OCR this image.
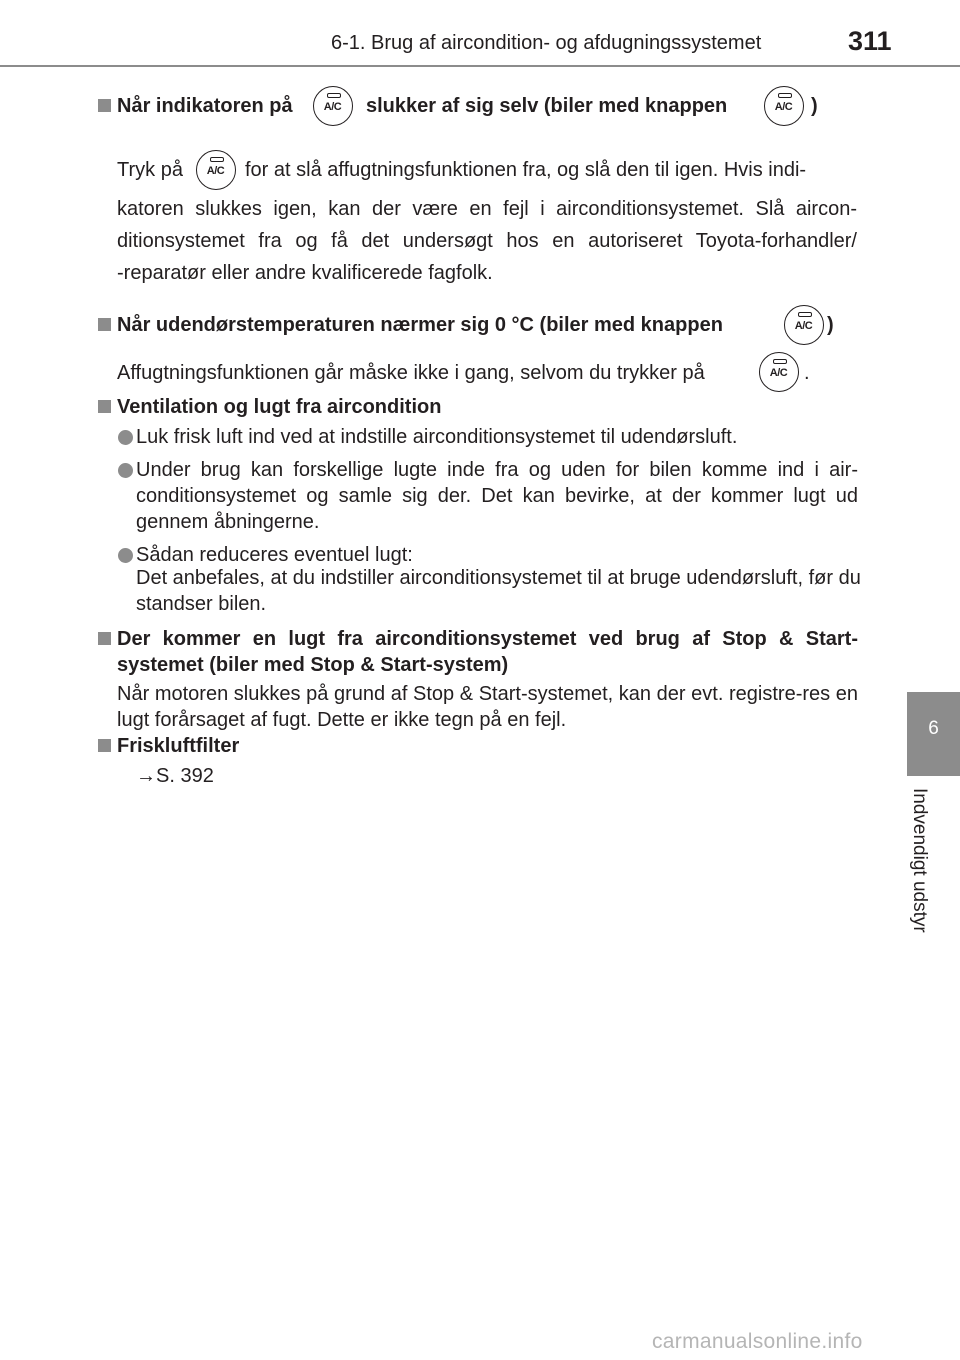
6-1. Brug af aircondition- og afdugningssystemet	311
6
Indvendigt udstyr
Når indikatoren på	A/C	slukker af sig selv (biler med knappen	A/C )
Tryk på	A/C	for at slå affugtningsfunktionen fra, og slå den til igen. Hvis indi-
katoren slukkes igen, kan der være en fejl i airconditionsystemet. Slå aircon-
ditionsystemet fra og få det undersøgt hos en autoriseret Toyota-forhandler/
-reparatør eller andre kvalificerede fagfolk.
Når udendørstemperaturen nærmer sig 0 °C (biler med knappen	A/C )
Affugtningsfunktionen går måske ikke i gang, selvom du trykker på	A/C .
Ventilation og lugt fra aircondition
Luk frisk luft ind ved at indstille airconditionsystemet til udendørsluft.
Under brug kan forskellige lugte inde fra og uden for bilen komme ind i air-conditionsystemet og samle sig der. Det kan bevirke, at der kommer lugt ud gennem åbningerne.
Sådan reduceres eventuel lugt:
Det anbefales, at du indstiller airconditionsystemet til at bruge udendørsluft, før du standser bilen.
Der kommer en lugt fra airconditionsystemet ved brug af Stop & Start-systemet (biler med Stop & Start-system)
Når motoren slukkes på grund af Stop & Start-systemet, kan der evt. registre-res en lugt forårsaget af fugt. Dette er ikke tegn på en fejl.
Friskluftfilter
→S. 392
carmanualsonline.info
